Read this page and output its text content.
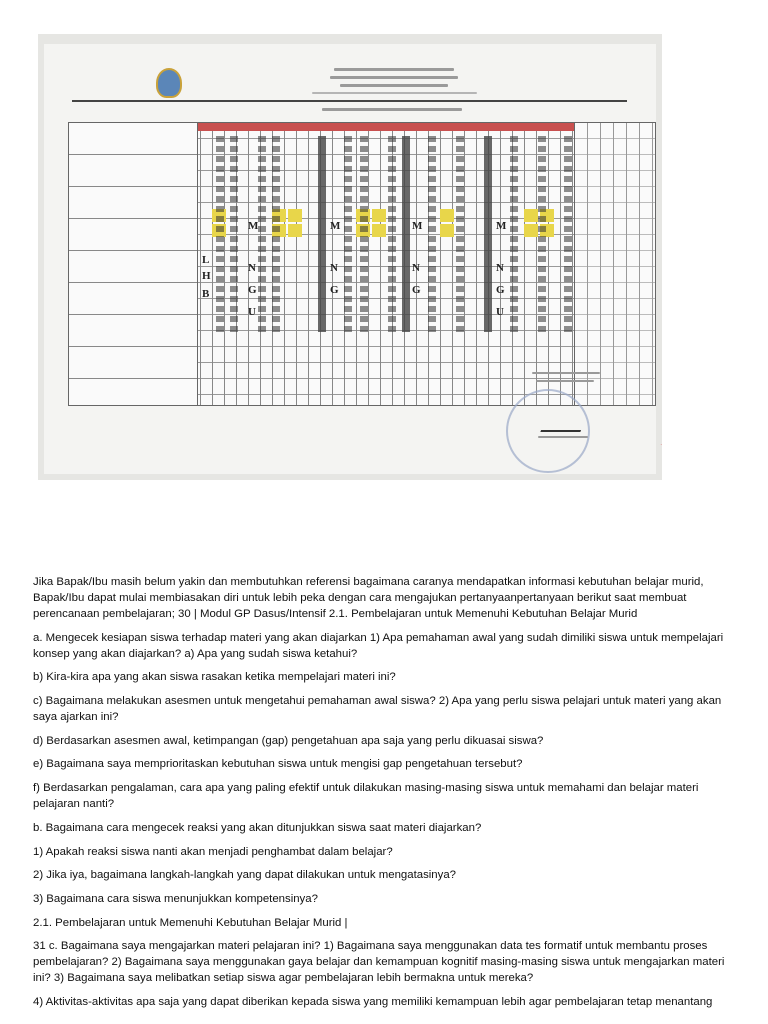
L
H
B
M
N
G
U
M
N
G
M
N
G
M
N
G
U

Jika Bapak/Ibu masih belum yakin dan membutuhkan referensi bagaimana caranya mendapatkan informasi kebutuhan belajar murid, Bapak/Ibu dapat mulai membiasakan diri untuk lebih peka dengan cara mengajukan pertanyaanpertanyaan berikut saat membuat perencanaan pembelajaran; 30 | Modul GP Dasus/Intensif 2.1. Pembelajaran untuk Memenuhi Kebutuhan Belajar Murid

a. Mengecek kesiapan siswa terhadap materi yang akan diajarkan 1) Apa pemahaman awal yang sudah dimiliki siswa untuk mempelajari konsep yang akan diajarkan? a) Apa yang sudah siswa ketahui?

b) Kira-kira apa yang akan siswa rasakan ketika mempelajari materi ini?

c) Bagaimana melakukan asesmen untuk mengetahui pemahaman awal siswa? 2) Apa yang perlu siswa pelajari untuk materi yang akan saya ajarkan ini?

d) Berdasarkan asesmen awal, ketimpangan (gap) pengetahuan apa saja yang perlu dikuasai siswa?

e) Bagaimana saya memprioritaskan kebutuhan siswa untuk mengisi gap pengetahuan tersebut?

f) Berdasarkan pengalaman, cara apa yang paling efektif untuk dilakukan masing-masing siswa untuk memahami dan belajar materi pelajaran nanti?

b. Bagaimana cara mengecek reaksi yang akan ditunjukkan siswa saat materi diajarkan?

1) Apakah reaksi siswa nanti akan menjadi penghambat dalam belajar?

2) Jika iya, bagaimana langkah-langkah yang dapat dilakukan untuk mengatasinya?

3) Bagaimana cara siswa menunjukkan kompetensinya?

2.1. Pembelajaran untuk Memenuhi Kebutuhan Belajar Murid |

31 c. Bagaimana saya mengajarkan materi pelajaran ini? 1) Bagaimana saya menggunakan data tes formatif untuk membantu proses pembelajaran? 2) Bagaimana saya menggunakan gaya belajar dan kemampuan kognitif masing-masing siswa untuk mengajarkan materi ini? 3) Bagaimana saya melibatkan setiap siswa agar pembelajaran lebih bermakna untuk mereka?

4) Aktivitas-aktivitas apa saja yang dapat diberikan kepada siswa yang memiliki kemampuan lebih agar pembelajaran tetap menantang
